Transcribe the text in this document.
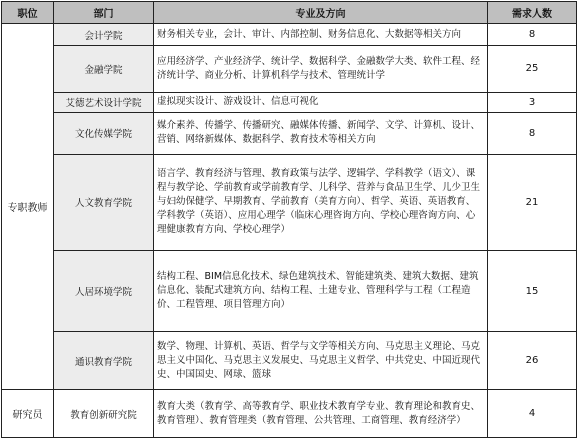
职位	部门	专业及方向	需求人数
专职教师	会计学院	财务相关专业，会计、审计、内部控制、财务信息化、大数据等相关方向	8
	金融学院	应用经济学、产业经济学、统计学、数据科学、金融数学大类、软件工程、经济统计学、商业分析、计算机科学与技术、管理统计学	25
	艾德艺术设计学院	虚拟现实设计、游戏设计、信息可视化	3
	文化传媒学院	媒介素养、传播学、传播研究、融媒体传播、新闻学、文学、计算机、设计、营销、网络新媒体、数据科学、教育技术等相关方向	8
	人文教育学院	语言学、教育经济与管理、教育政策与法学、逻辑学、学科教学（语文）、课程与教学论、学前教育或学前教育学、儿科学、营养与食品卫生学、儿少卫生与妇幼保健学、早期教育、学前教育（美育方向）、哲学、英语、英语教育、学科教学（英语）、应用心理学（临床心理咨询方向、学校心理咨询方向、心理健康教育方向、学校心理学）	21
	人居环境学院	结构工程、BIM信息化技术、绿色建筑技术、智能建筑类、建筑大数据、建筑信息化、装配式建筑方向、结构工程、土建专业、管理科学与工程（工程造价、工程管理、项目管理方向）	15
	通识教育学院	数学、物理、计算机、英语、哲学与文学等相关方向、马克思主义理论、马克思主义中国化、马克思主义发展史、马克思主义哲学、中共党史、中国近现代史、中国国史、网球、篮球	26
研究员	教育创新研究院	教育大类（教育学、高等教育学、职业技术教育学专业、教育理论和教育史、教育管理）、教育管理类（教育管理、公共管理、工商管理、教育经济学）	4
